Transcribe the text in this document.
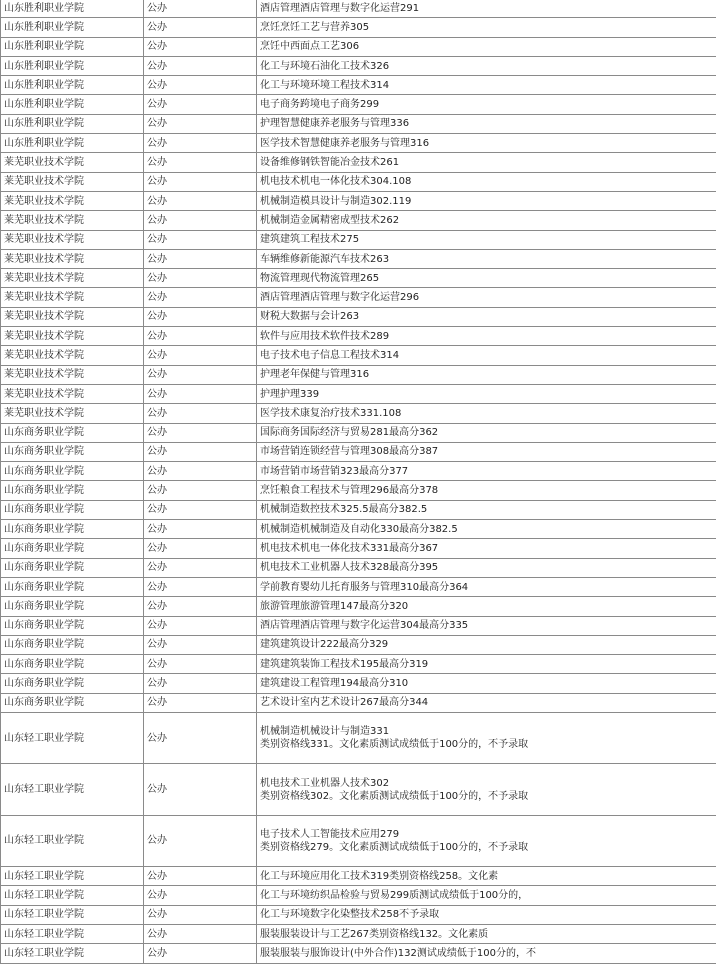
山东胜利职业学院	公办	酒店管理酒店管理与数字化运营291
山东胜利职业学院	公办	烹饪烹饪工艺与营养305
山东胜利职业学院	公办	烹饪中西面点工艺306
山东胜利职业学院	公办	化工与环境石油化工技术326
山东胜利职业学院	公办	化工与环境环境工程技术314
山东胜利职业学院	公办	电子商务跨境电子商务299
山东胜利职业学院	公办	护理智慧健康养老服务与管理336
山东胜利职业学院	公办	医学技术智慧健康养老服务与管理316
莱芜职业技术学院	公办	设备维修钢铁智能冶金技术261
莱芜职业技术学院	公办	机电技术机电一体化技术304.108
莱芜职业技术学院	公办	机械制造模具设计与制造302.119
莱芜职业技术学院	公办	机械制造金属精密成型技术262
莱芜职业技术学院	公办	建筑建筑工程技术275
莱芜职业技术学院	公办	车辆维修新能源汽车技术263
莱芜职业技术学院	公办	物流管理现代物流管理265
莱芜职业技术学院	公办	酒店管理酒店管理与数字化运营296
莱芜职业技术学院	公办	财税大数据与会计263
莱芜职业技术学院	公办	软件与应用技术软件技术289
莱芜职业技术学院	公办	电子技术电子信息工程技术314
莱芜职业技术学院	公办	护理老年保健与管理316
莱芜职业技术学院	公办	护理护理339
莱芜职业技术学院	公办	医学技术康复治疗技术331.108
山东商务职业学院	公办	国际商务国际经济与贸易281最高分362
山东商务职业学院	公办	市场营销连锁经营与管理308最高分387
山东商务职业学院	公办	市场营销市场营销323最高分377
山东商务职业学院	公办	烹饪粮食工程技术与管理296最高分378
山东商务职业学院	公办	机械制造数控技术325.5最高分382.5
山东商务职业学院	公办	机械制造机械制造及自动化330最高分382.5
山东商务职业学院	公办	机电技术机电一体化技术331最高分367
山东商务职业学院	公办	机电技术工业机器人技术328最高分395
山东商务职业学院	公办	学前教育婴幼儿托育服务与管理310最高分364
山东商务职业学院	公办	旅游管理旅游管理147最高分320
山东商务职业学院	公办	酒店管理酒店管理与数字化运营304最高分335
山东商务职业学院	公办	建筑建筑设计222最高分329
山东商务职业学院	公办	建筑建筑装饰工程技术195最高分319
山东商务职业学院	公办	建筑建设工程管理194最高分310
山东商务职业学院	公办	艺术设计室内艺术设计267最高分344
山东轻工职业学院	公办	机械制造机械设计与制造331
类别资格线331。文化素质测试成绩低于100分的，不予录取

山东轻工职业学院	公办	机电技术工业机器人技术302
类别资格线302。文化素质测试成绩低于100分的，不予录取

山东轻工职业学院	公办	电子技术人工智能技术应用279
类别资格线279。文化素质测试成绩低于100分的，不予录取

山东轻工职业学院	公办	化工与环境应用化工技术319类别资格线258。文化素
山东轻工职业学院	公办	化工与环境纺织品检验与贸易299质测试成绩低于100分的，
山东轻工职业学院	公办	化工与环境数字化染整技术258不予录取
山东轻工职业学院	公办	服装服装设计与工艺267类别资格线132。文化素质
山东轻工职业学院	公办	服装服装与服饰设计(中外合作)132测试成绩低于100分的，不
